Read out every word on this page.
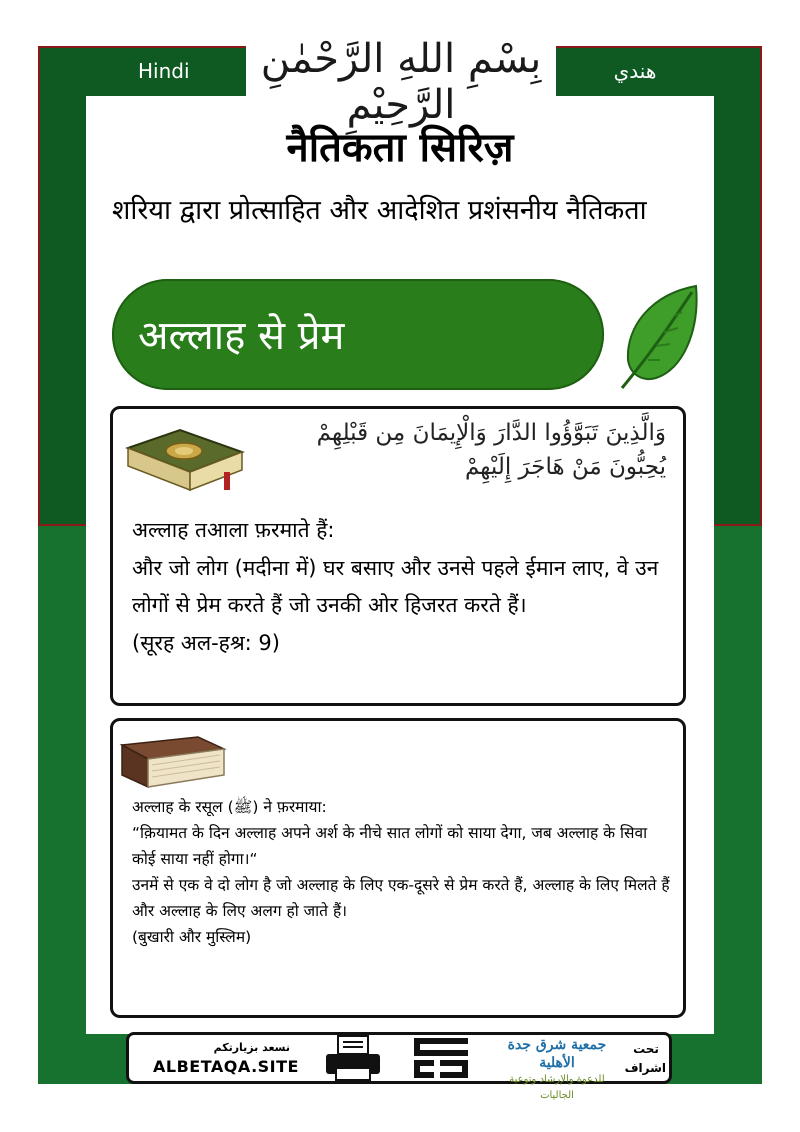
Hindi	هندي
بِسْمِ اللهِ الرَّحْمٰنِ الرَّحِيْمِ
नैतिकता सिरिज़
शरिया द्वारा प्रोत्साहित और आदेशित प्रशंसनीय नैतिकता
अल्लाह से प्रेम
وَالَّذِينَ تَبَوَّؤُوا الدَّارَ وَالْإِيمَانَ مِن قَبْلِهِمْ
يُحِبُّونَ مَنْ هَاجَرَ إِلَيْهِمْ
अल्लाह तआला फ़रमाते हैं:
और जो लोग (मदीना में) घर बसाए और उनसे पहले ईमान लाए, वे उन लोगों से प्रेम करते हैं जो उनकी ओर हिजरत करते हैं।
(सूरह अल-हश्र: 9)
अल्लाह के रसूल (ﷺ) ने फ़रमाया:
“क़ियामत के दिन अल्लाह अपने अर्श के नीचे सात लोगों को साया देगा, जब अल्लाह के सिवा कोई साया नहीं होगा।“
उनमें से एक वे दो लोग है जो अल्लाह के लिए एक-दूसरे से प्रेम करते हैं, अल्लाह के लिए मिलते हैं और अल्लाह के लिए अलग हो जाते हैं।
(बुखारी और मुस्लिम)
نسعد بزيارتكم
ALBETAQA.SITE
جمعية شرق جدة الأهلية
للدعوة والإرشاد وتوعية الجاليات
تحت
اشراف
